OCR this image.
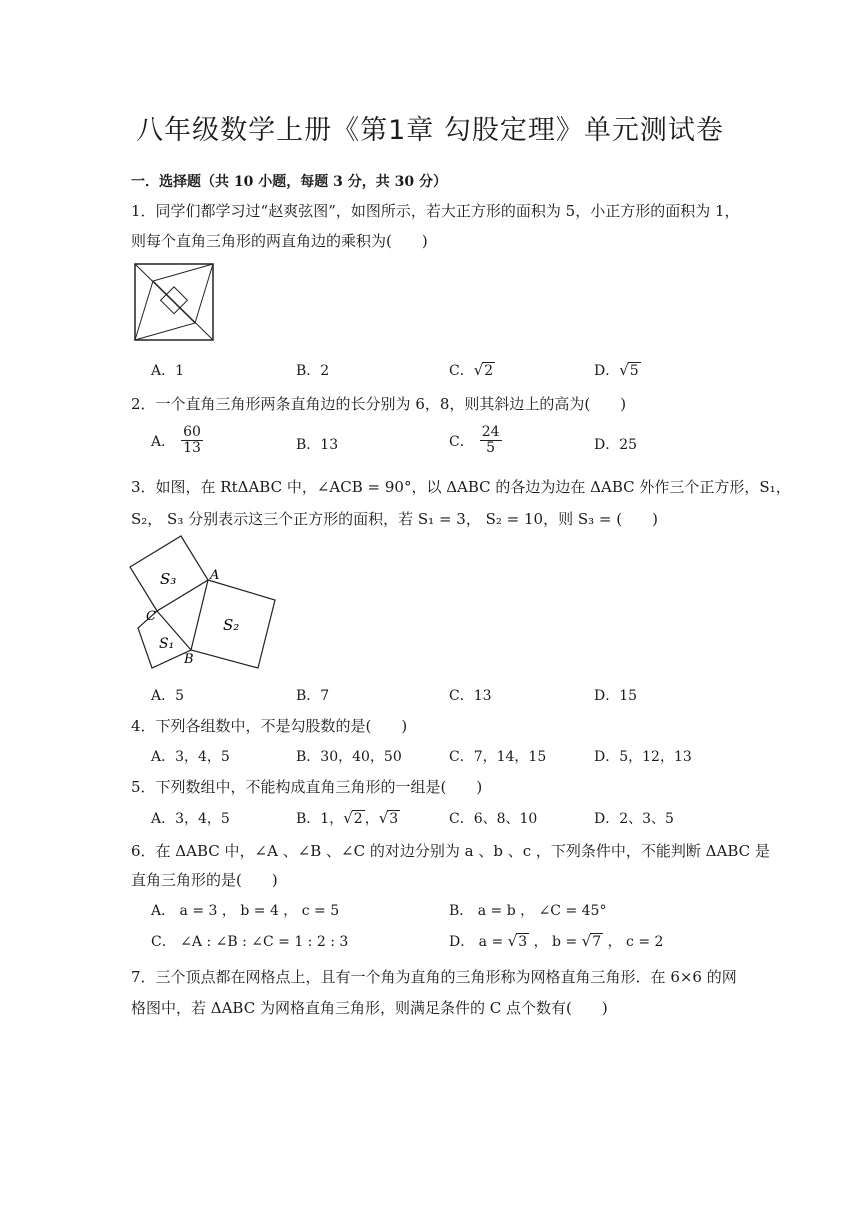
八年级数学上册《第1章 勾股定理》单元测试卷
一．选择题（共 10 小题，每题 3 分，共 30 分）
1．同学们都学习过“赵爽弦图”，如图所示，若大正方形的面积为 5，小正方形的面积为 1，
则每个直角三角形的两直角边的乘积为(　　)
A．1	B．2	C．√2	D．√5
2．一个直角三角形两条直角边的长分别为 6，8，则其斜边上的高为(　　)
A． $\frac{60}{13}$	B．13	C． $\frac{24}{5}$	D．25
3．如图，在 RtΔABC 中，∠ACB = 90°，以 ΔABC 的各边为边在 ΔABC 外作三个正方形，S₁，
S₂， S₃ 分别表示这三个正方形的面积，若 S₁ = 3， S₂ = 10，则 S₃ = (　　)
S₃
S₂
S₁
A
B
C
A．5	B．7	C．13	D．15
4．下列各组数中，不是勾股数的是(　　)
A．3，4，5	B．30，40，50	C．7，14，15	D．5，12，13
5．下列数组中，不能构成直角三角形的一组是(　　)
A．3，4，5	B．1，√2 ，√3	C．6、8、10	D．2、3、5
6．在 ΔABC 中，∠A 、∠B 、∠C 的对边分别为 a 、b 、c ，下列条件中，不能判断 ΔABC 是
直角三角形的是(　　)
A． a = 3 ， b = 4 ， c = 5	B． a = b ， ∠C = 45°
C． ∠A : ∠B : ∠C = 1 : 2 : 3	D． a = √3 ， b = √7 ， c = 2
7．三个顶点都在网格点上，且有一个角为直角的三角形称为网格直角三角形．在 6×6 的网
格图中，若 ΔABC 为网格直角三角形，则满足条件的 C 点个数有(　　)
